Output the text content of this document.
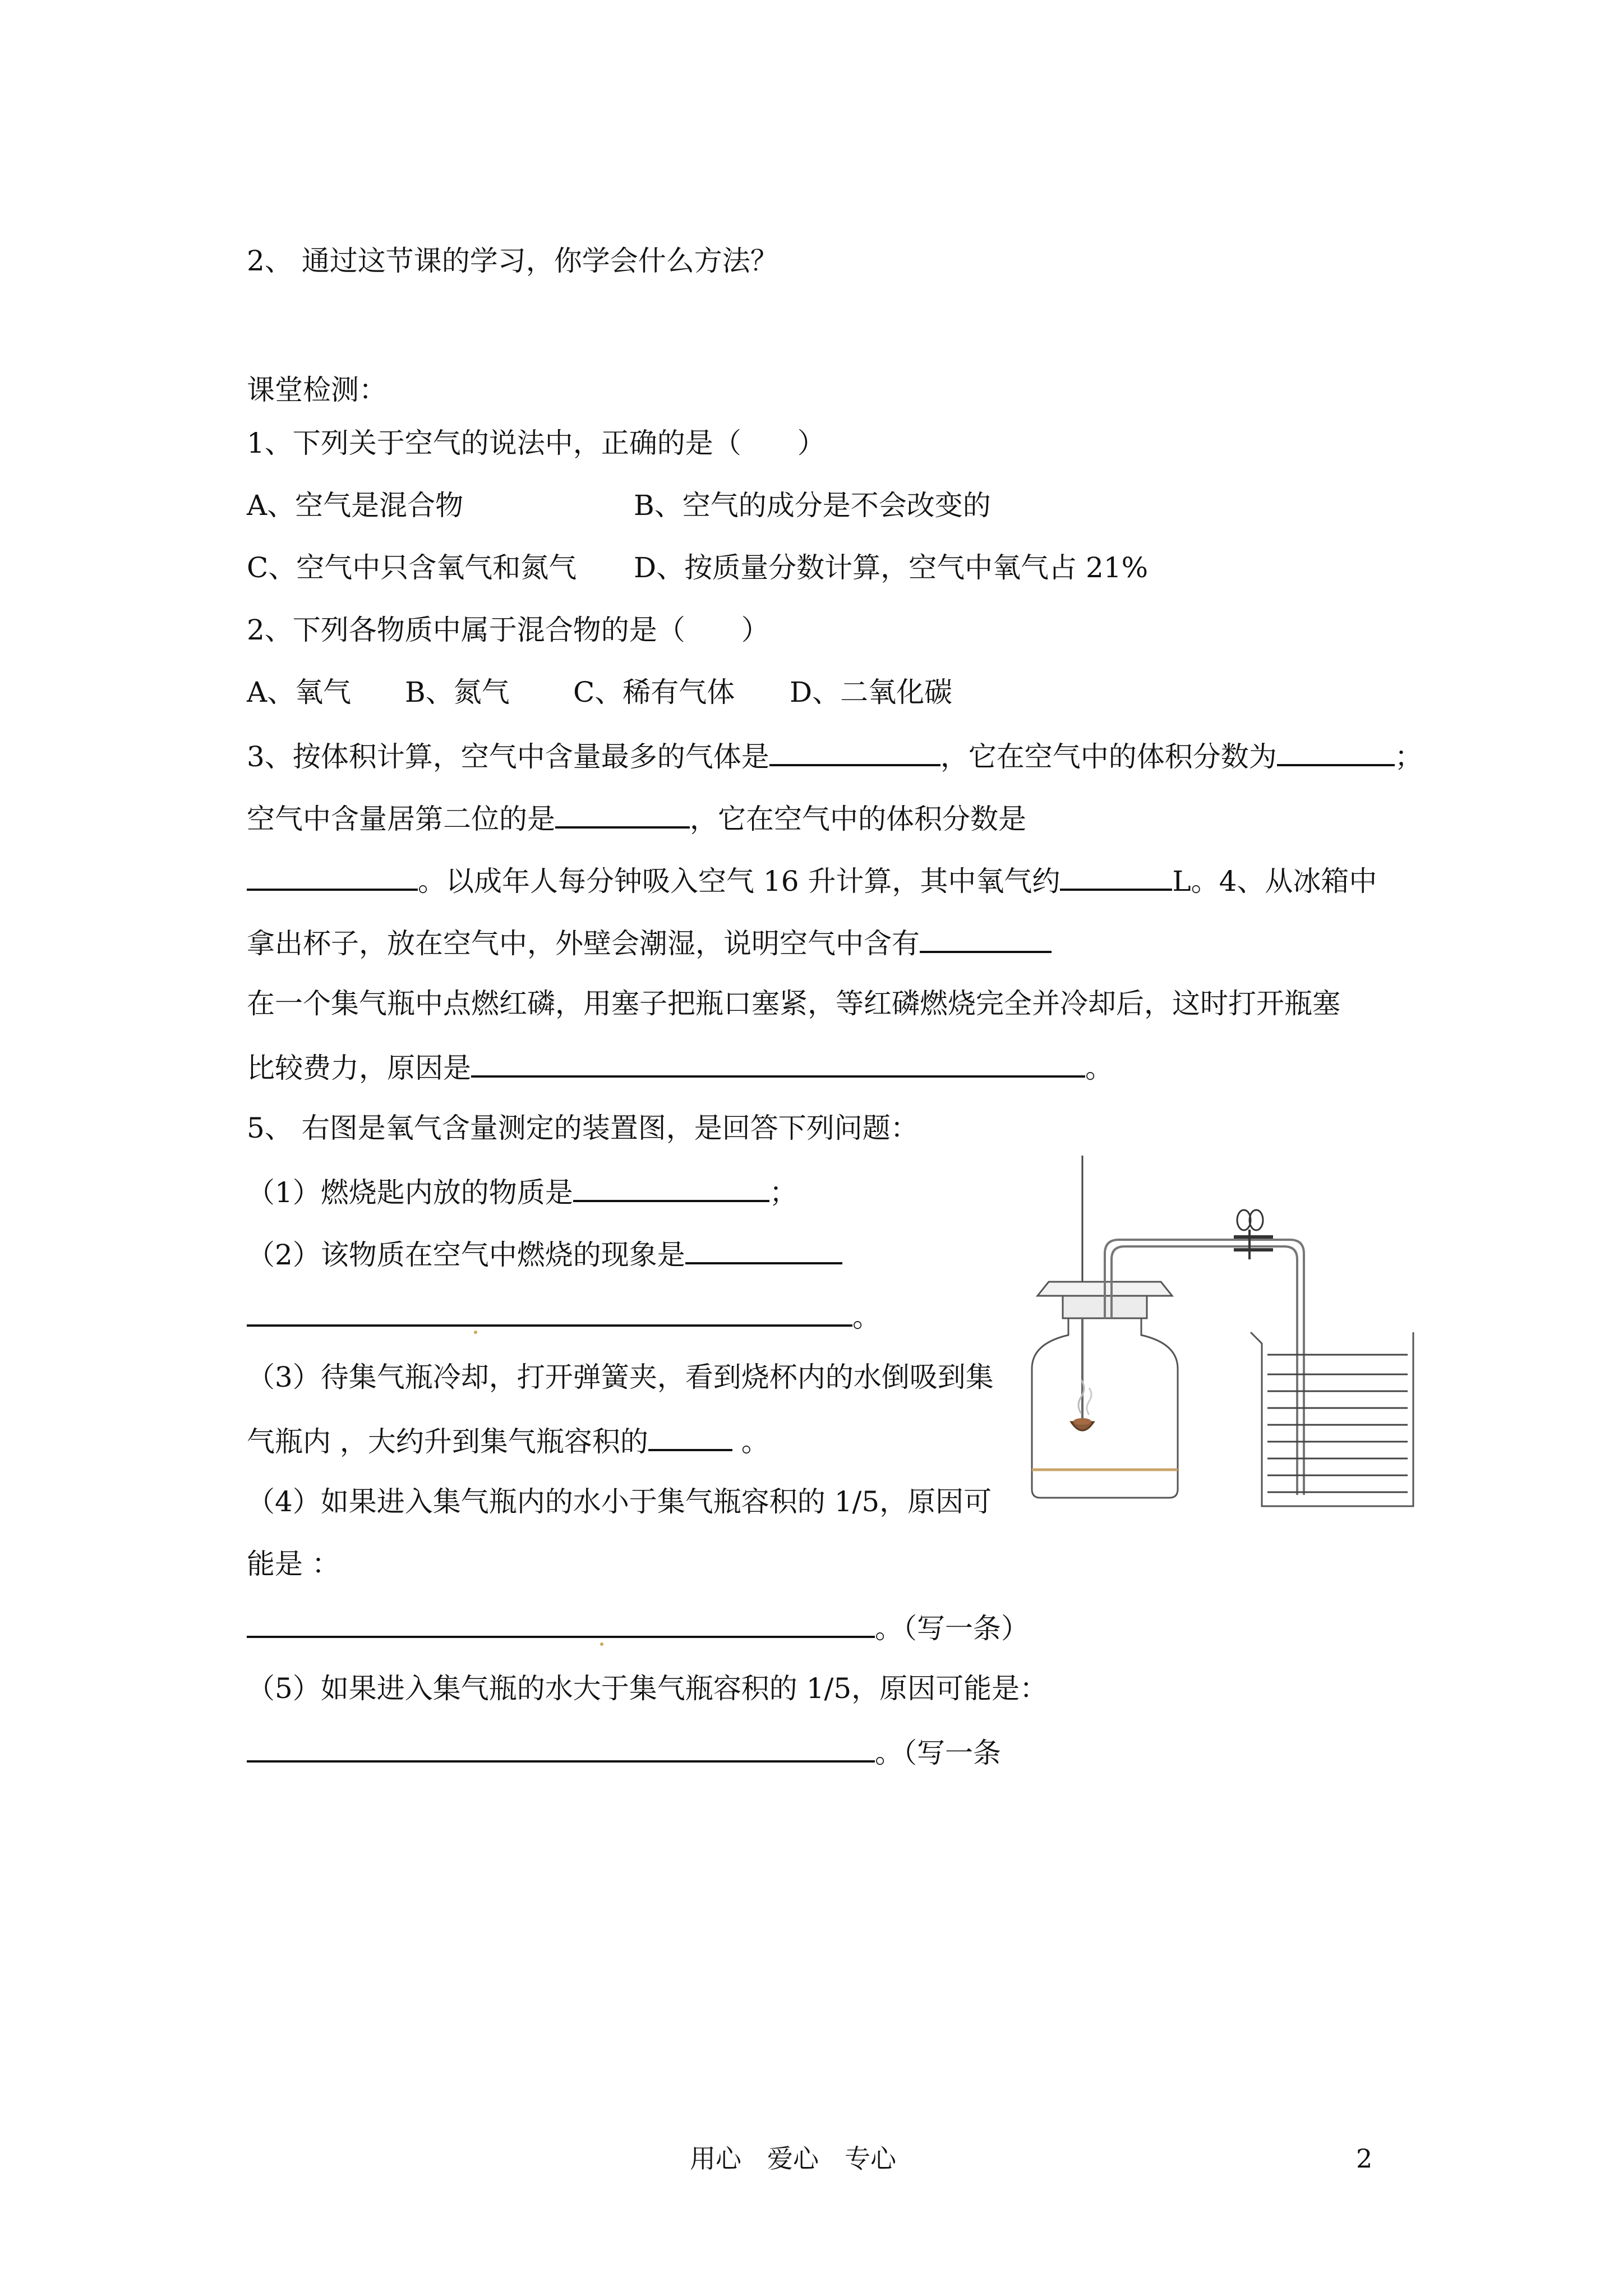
2、 通过这节课的学习，你学会什么方法？
课堂检测：
1、下列关于空气的说法中，正确的是（　　）
A、空气是混合物	B、空气的成分是不会改变的
C、空气中只含氧气和氮气 D、按质量分数计算，空气中氧气占 21%
2、下列各物质中属于混合物的是（　　）
A、氧气 B、氮气 C、稀有气体 D、二氧化碳
3、按体积计算，空气中含量最多的气体是	，它在空气中的体积分数为	；
空气中含量居第二位的是	，它在空气中的体积分数是
。以成年人每分钟吸入空气 16 升计算，其中氧气约	L。4、从冰箱中
拿出杯子，放在空气中，外壁会潮湿，说明空气中含有
在一个集气瓶中点燃红磷，用塞子把瓶口塞紧，等红磷燃烧完全并冷却后，这时打开瓶塞
比较费力，原因是	。
5、 右图是氧气含量测定的装置图，是回答下列问题：
（1）燃烧匙内放的物质是	；
（2）该物质在空气中燃烧的现象是
。
（3）待集气瓶冷却，打开弹簧夹，看到烧杯内的水倒吸到集
气瓶内 ，大约升到集气瓶容积的	。
（4）如果进入集气瓶内的水小于集气瓶容积的 1/5，原因可
能是 ：
。（写一条）
（5）如果进入集气瓶的水大于集气瓶容积的 1/5，原因可能是：
。（写一条
用心　爱心　专心	2
